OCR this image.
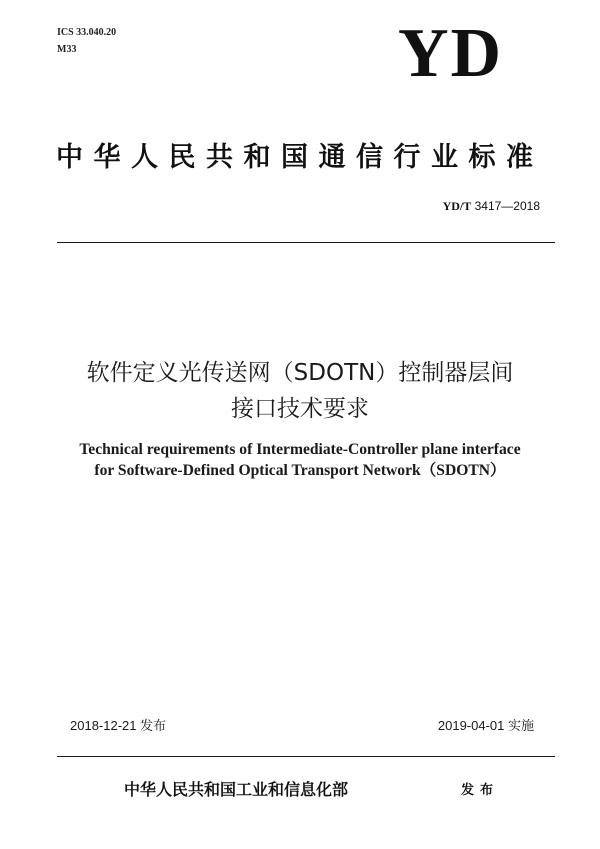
ICS 33.040.20
M33	YD
中华人民共和国通信行业标准
YD/T 3417—2018
软件定义光传送网（SDOTN）控制器层间
接口技术要求
Technical requirements of Intermediate-Controller plane interface
for Software-Defined Optical Transport Network（SDOTN）
2018-12-21 发布	2019-04-01 实施
中华人民共和国工业和信息化部	发布
